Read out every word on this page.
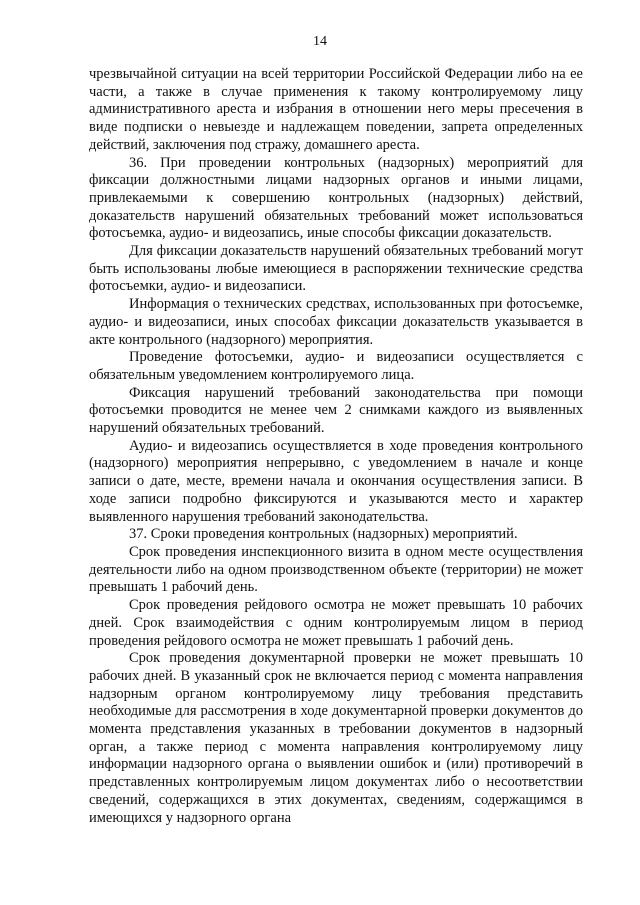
14

чрезвычайной ситуации на всей территории Российской Федерации либо на ее части, а также в случае применения к такому контролируемому лицу административного ареста и избрания в отношении него меры пресечения в виде подписки о невыезде и надлежащем поведении, запрета определенных действий, заключения под стражу, домашнего ареста.

36. При проведении контрольных (надзорных) мероприятий для фиксации должностными лицами надзорных органов и иными лицами, привлекаемыми к совершению контрольных (надзорных) действий, доказательств нарушений обязательных требований может использоваться фотосъемка, аудио- и видеозапись, иные способы фиксации доказательств.

Для фиксации доказательств нарушений обязательных требований могут быть использованы любые имеющиеся в распоряжении технические средства фотосъемки, аудио- и видеозаписи.

Информация о технических средствах, использованных при фотосъемке, аудио- и видеозаписи, иных способах фиксации доказательств указывается в акте контрольного (надзорного) мероприятия.

Проведение фотосъемки, аудио- и видеозаписи осуществляется с обязательным уведомлением контролируемого лица.

Фиксация нарушений требований законодательства при помощи фотосъемки проводится не менее чем 2 снимками каждого из выявленных нарушений обязательных требований.

Аудио- и видеозапись осуществляется в ходе проведения контрольного (надзорного) мероприятия непрерывно, с уведомлением в начале и конце записи о дате, месте, времени начала и окончания осуществления записи. В ходе записи подробно фиксируются и указываются место и характер выявленного нарушения требований законодательства.

37. Сроки проведения контрольных (надзорных) мероприятий.

Срок проведения инспекционного визита в одном месте осуществления деятельности либо на одном производственном объекте (территории) не может превышать 1 рабочий день.

Срок проведения рейдового осмотра не может превышать 10 рабочих дней. Срок взаимодействия с одним контролируемым лицом в период проведения рейдового осмотра не может превышать 1 рабочий день.

Срок проведения документарной проверки не может превышать 10 рабочих дней. В указанный срок не включается период с момента направления надзорным органом контролируемому лицу требования представить необходимые для рассмотрения в ходе документарной проверки документов до момента представления указанных в требовании документов в надзорный орган, а также период с момента направления контролируемому лицу информации надзорного органа о выявлении ошибок и (или) противоречий в представленных контролируемым лицом документах либо о несоответствии сведений, содержащихся в этих документах, сведениям, содержащимся в имеющихся у надзорного органа
